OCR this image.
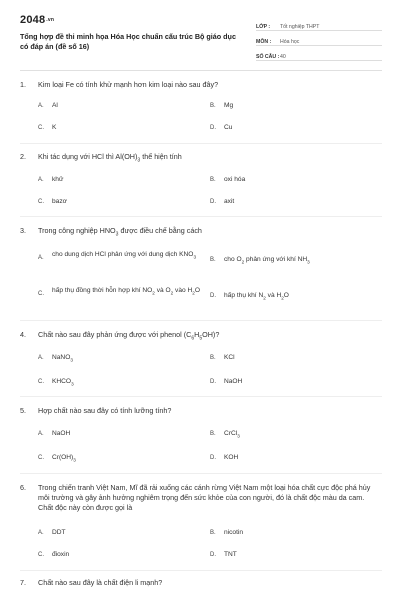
2048.vn
Tổng hợp đề thi minh họa Hóa Học chuẩn cấu trúc Bộ giáo dục có đáp án (đề số 16)
LỚP :	Tốt nghiệp THPT
MÔN :	Hóa học
SỐ CÂU : 40
1. Kim loại Fe có tính khử mạnh hơn kim loại nào sau đây?
A. Al	B. Mg
C. K	D. Cu
2. Khi tác dụng với HCl thì $Al(OH)_3$ thể hiện tính
A. khử	B. oxi hóa
C. bazơ	D. axit
3. Trong công nghiệp $HNO_3$ được điều chế bằng cách
A.	cho dung dịch HCl phản ứng với dung dịch $KNO_3$
B. cho $O_2$ phản ứng với khí $NH_3$
C.	hấp thụ đồng thời hỗn hợp khí $NO_2$ và $O_2$ vào $H_2O$
D. hấp thụ khí $N_2$ và $H_2O$
4. Chất nào sau đây phản ứng được với phenol $(C_6H_5OH)$?
A. NaNO$_3$	B. KCl
C. $KHCO_3$	D. NaOH
5. Hợp chất nào sau đây có tính lưỡng tính?
A. NaOH	B. CrCl$_3$
C. $Cr(OH)_3$	D. KOH
6. Trong chiến tranh Việt Nam, Mĩ đã rải xuống các cánh rừng Việt Nam một loại hóa chất cực độc phá hủy môi trường và gây ảnh hưởng nghiêm trọng đến sức khỏe của con người, đó là chất độc màu da cam. Chất độc này còn được gọi là
A. DDT	B. nicotin
C. đioxin	D. TNT
7. Chất nào sau đây là chất điện li mạnh?
